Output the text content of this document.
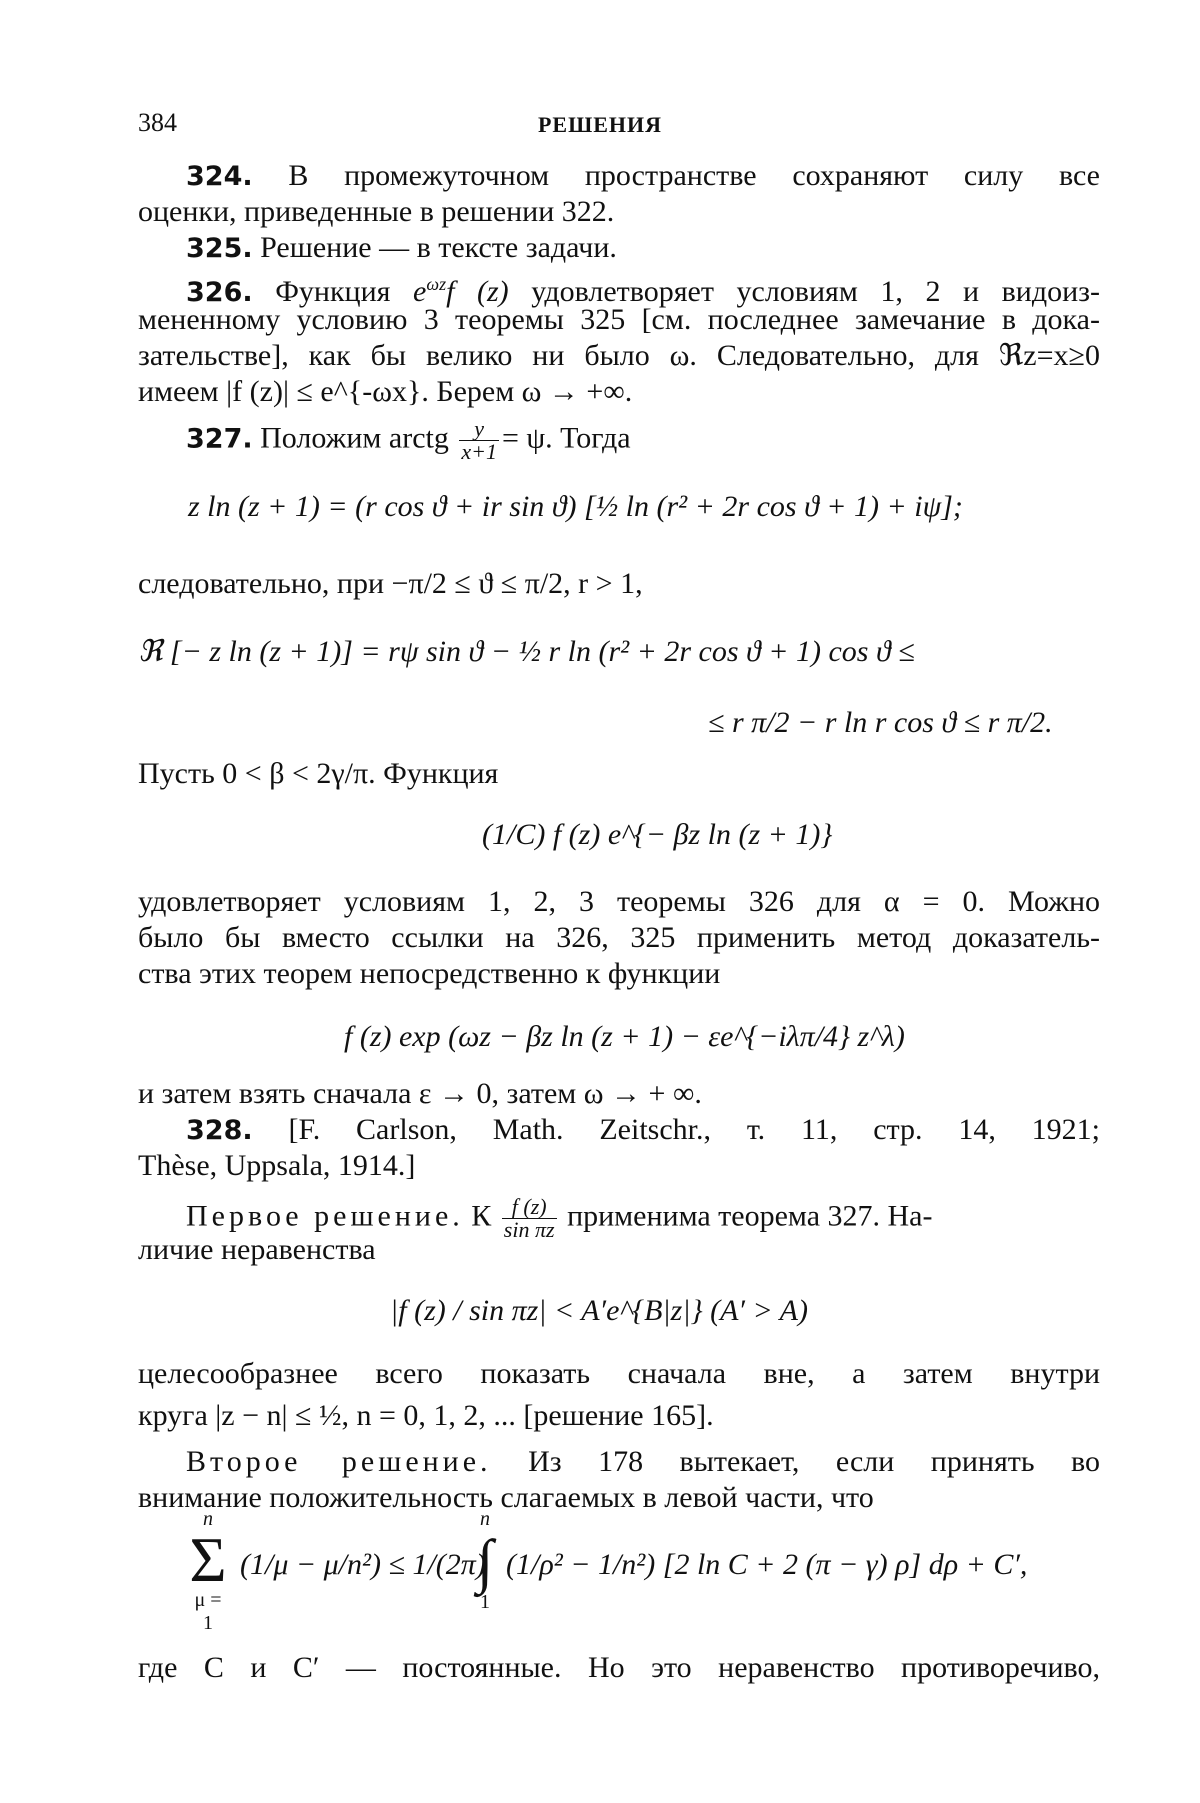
384	РЕШЕНИЯ
324. В промежуточном пространстве сохраняют силу все
оценки, приведенные в решении 322.
325. Решение — в тексте задачи.
326. Функция $e^{\omega z}f$ (z) удовлетворяет условиям 1, 2 и видоиз-
мененному условию 3 теоремы 325 [см. последнее замечание в дока-
зательстве], как бы велико ни было ω. Следовательно, для ℜz=x≥0
имеем |f (z)| ≤ e^{-ωx}. Берем ω → +∞.
327. Положим arctg $\frac{y}{x+1} = \psi$. Тогда
z ln (z + 1) = (r cos ϑ + ir sin ϑ) [½ ln (r² + 2r cos ϑ + 1) + iψ];
следовательно, при −π/2 ≤ ϑ ≤ π/2, r > 1,
ℜ [− z ln (z + 1)] = rψ sin ϑ − ½ r ln (r² + 2r cos ϑ + 1) cos ϑ ≤
≤ r π/2 − r ln r cos ϑ ≤ r π/2.
Пусть 0 < β < 2γ/π. Функция
(1/C) f (z) e^{− βz ln (z + 1)}
удовлетворяет условиям 1, 2, 3 теоремы 326 для α = 0. Можно
было бы вместо ссылки на 326, 325 применить метод доказатель-
ства этих теорем непосредственно к функции
f (z) exp (ωz − βz ln (z + 1) − εe^{−iλπ/4} z^λ)
и затем взять сначала ε → 0, затем ω → + ∞.
328. [F. Carlson, Math. Zeitschr., т. 11, стр. 14, 1921;
Thèse, Uppsala, 1914.]
Первое решение. К $\frac{f (z)}{\text{sin πz}}$ применима теорема 327. На-
личие неравенства
|f (z) / sin πz| < A′e^{B|z|} (A′ > A)
целесообразнее всего показать сначала вне, а затем внутри
круга |z − n| ≤ ½, n = 0, 1, 2, ... [решение 165].
Второе решение. Из 178 вытекает, если принять во
внимание положительность слагаемых в левой части, что
n
Σ
μ = 1
(1/μ − μ/n²) ≤ 1/(2π)
n
∫
1
(1/ρ² − 1/n²) [2 ln C + 2 (π − γ) ρ] dρ + C′,
где C и C′ — постоянные. Но это неравенство противоречиво,
